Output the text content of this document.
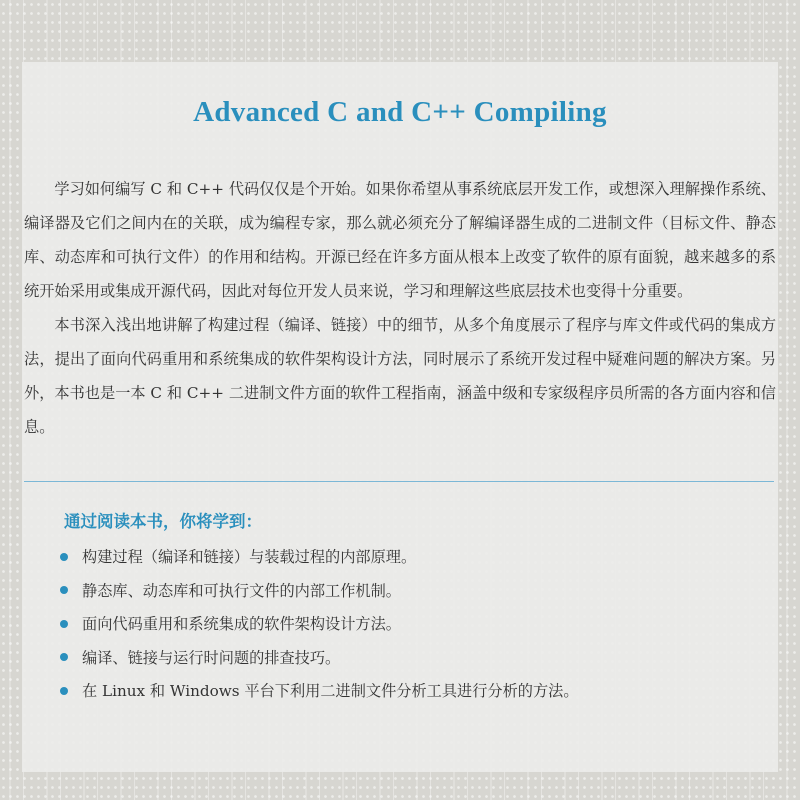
Advanced C and C++ Compiling

学习如何编写 C 和 C++ 代码仅仅是个开始。如果你希望从事系统底层开发工作，或想深入理解操作系统、编译器及它们之间内在的关联，成为编程专家，那么就必须充分了解编译器生成的二进制文件（目标文件、静态库、动态库和可执行文件）的作用和结构。开源已经在许多方面从根本上改变了软件的原有面貌，越来越多的系统开始采用或集成开源代码，因此对每位开发人员来说，学习和理解这些底层技术也变得十分重要。

本书深入浅出地讲解了构建过程（编译、链接）中的细节，从多个角度展示了程序与库文件或代码的集成方法，提出了面向代码重用和系统集成的软件架构设计方法，同时展示了系统开发过程中疑难问题的解决方案。另外，本书也是一本 C 和 C++ 二进制文件方面的软件工程指南，涵盖中级和专家级程序员所需的各方面内容和信息。

通过阅读本书，你将学到：
构建过程（编译和链接）与装载过程的内部原理。
静态库、动态库和可执行文件的内部工作机制。
面向代码重用和系统集成的软件架构设计方法。
编译、链接与运行时问题的排查技巧。
在 Linux 和 Windows 平台下利用二进制文件分析工具进行分析的方法。
